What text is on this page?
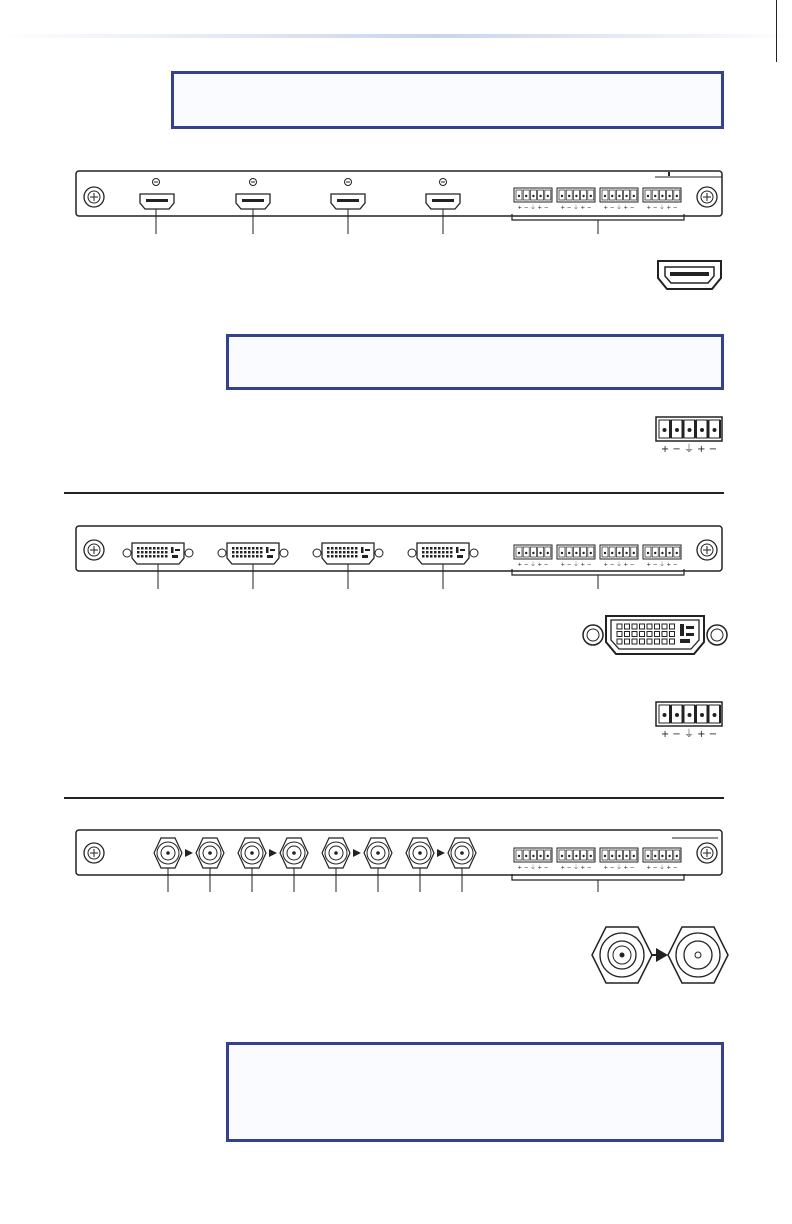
+ − ⏚ + − + − ⏚ + − + − ⏚ + − + − ⏚ + −
+ − ⏚ + −
+ − ⏚ + − + − ⏚ + − + − ⏚ + − + − ⏚ + −
+ − ⏚ + −
+ − ⏚ + − + − ⏚ + − + − ⏚ + − + − ⏚ + −
